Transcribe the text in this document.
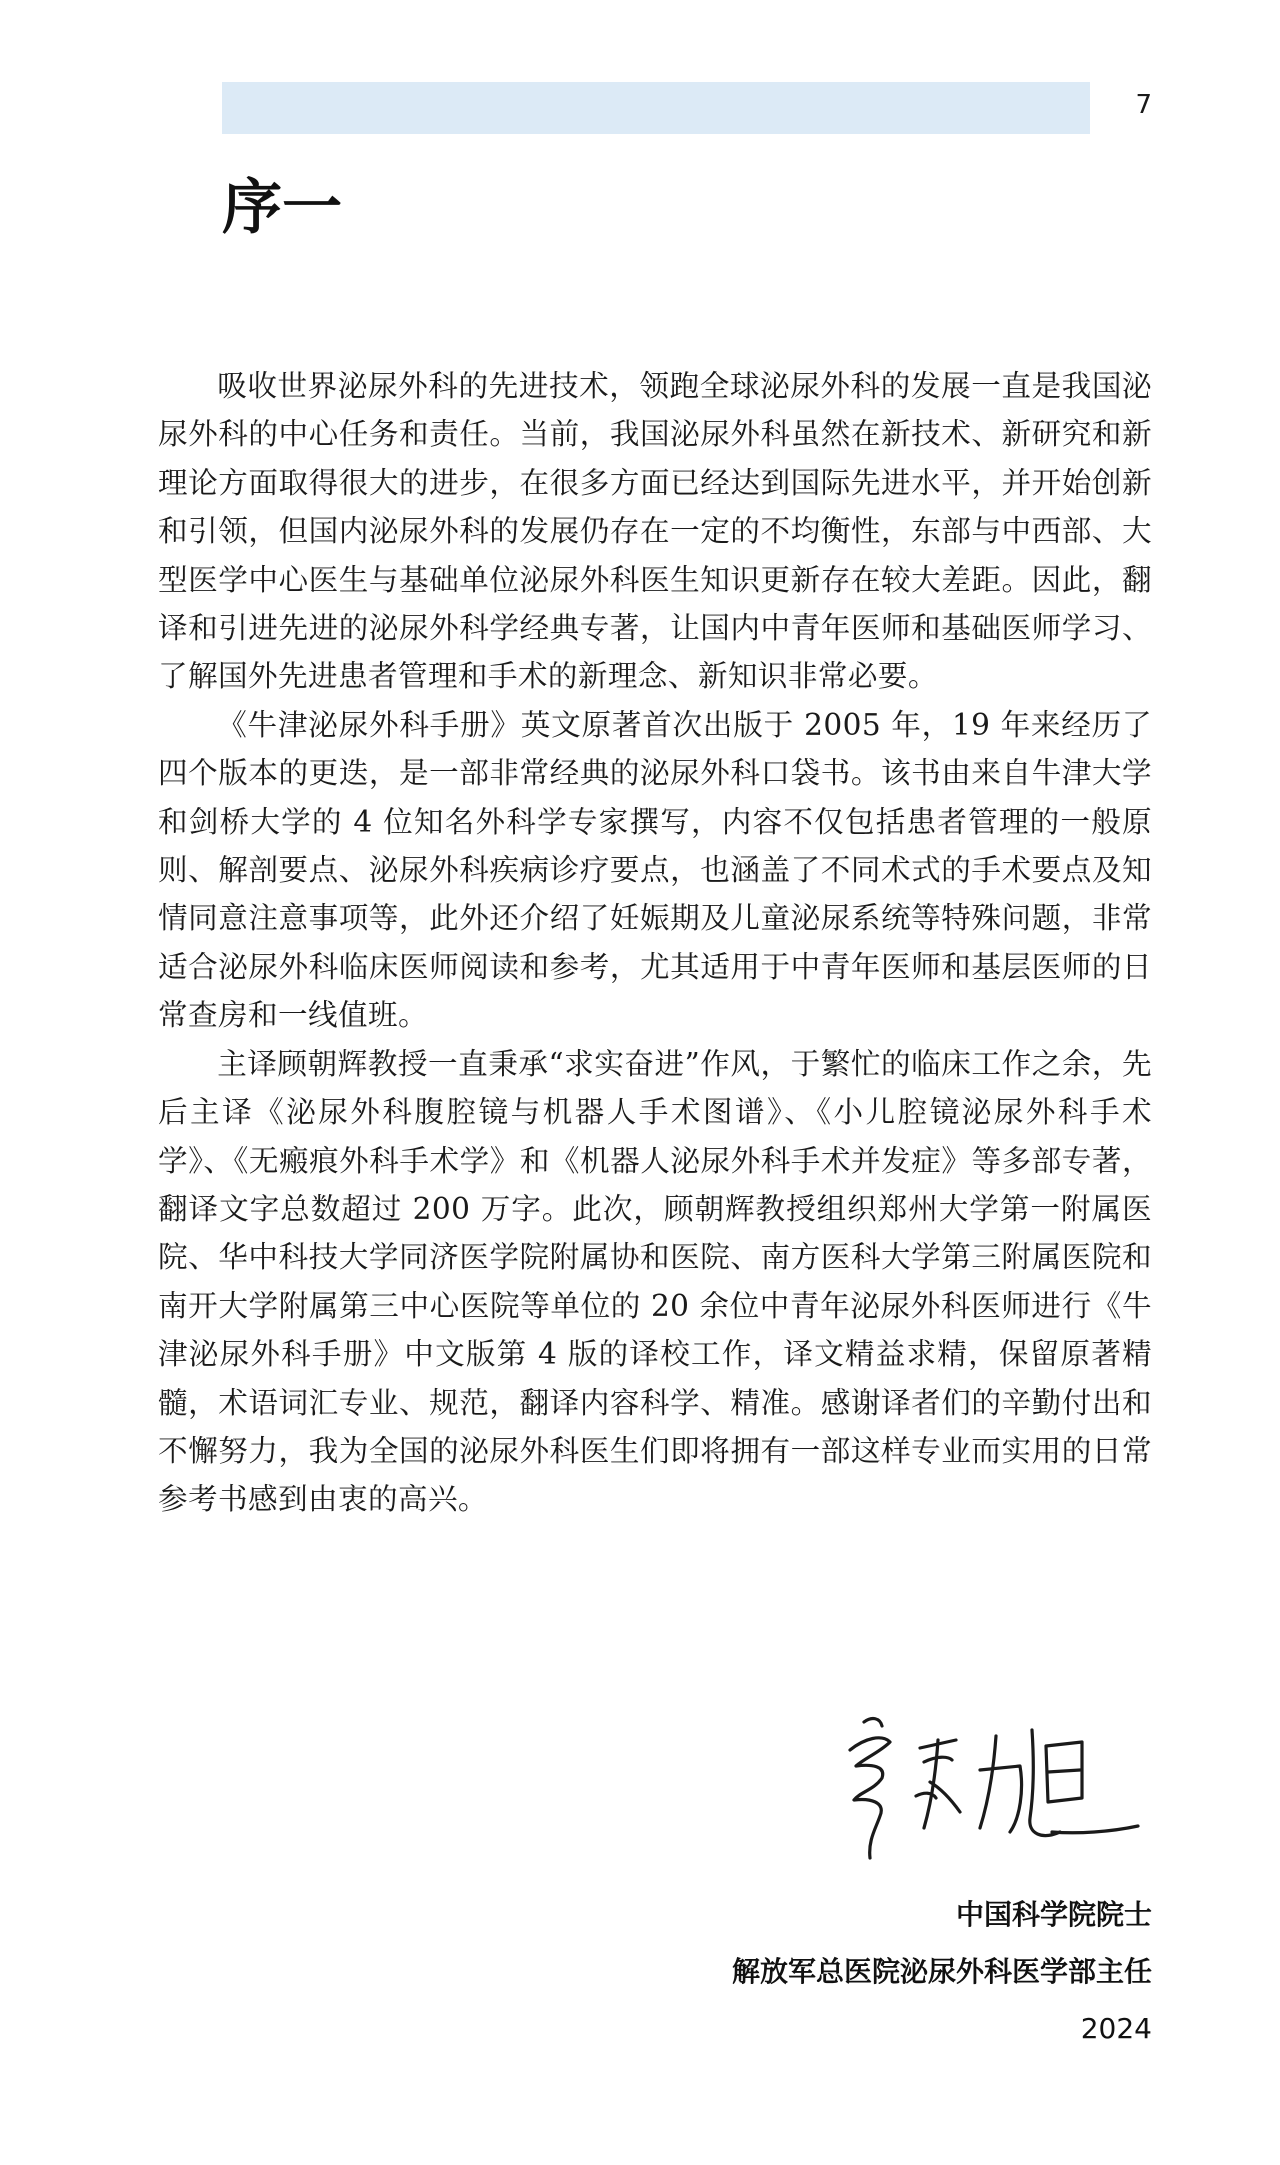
7
序一

吸收世界泌尿外科的先进技术，领跑全球泌尿外科的发展一直是我国泌尿外科的中心任务和责任。当前，我国泌尿外科虽然在新技术、新研究和新理论方面取得很大的进步，在很多方面已经达到国际先进水平，并开始创新和引领，但国内泌尿外科的发展仍存在一定的不均衡性，东部与中西部、大型医学中心医生与基础单位泌尿外科医生知识更新存在较大差距。因此，翻译和引进先进的泌尿外科学经典专著，让国内中青年医师和基础医师学习、了解国外先进患者管理和手术的新理念、新知识非常必要。

《牛津泌尿外科手册》英文原著首次出版于 2005 年，19 年来经历了四个版本的更迭，是一部非常经典的泌尿外科口袋书。该书由来自牛津大学和剑桥大学的 4 位知名外科学专家撰写，内容不仅包括患者管理的一般原则、解剖要点、泌尿外科疾病诊疗要点，也涵盖了不同术式的手术要点及知情同意注意事项等，此外还介绍了妊娠期及儿童泌尿系统等特殊问题，非常适合泌尿外科临床医师阅读和参考，尤其适用于中青年医师和基层医师的日常查房和一线值班。

主译顾朝辉教授一直秉承“求实奋进”作风，于繁忙的临床工作之余，先后主译《泌尿外科腹腔镜与机器人手术图谱》、《小儿腔镜泌尿外科手术学》、《无瘢痕外科手术学》和《机器人泌尿外科手术并发症》等多部专著，翻译文字总数超过 200 万字。此次，顾朝辉教授组织郑州大学第一附属医院、华中科技大学同济医学院附属协和医院、南方医科大学第三附属医院和南开大学附属第三中心医院等单位的 20 余位中青年泌尿外科医师进行《牛津泌尿外科手册》中文版第 4 版的译校工作，译文精益求精，保留原著精髓，术语词汇专业、规范，翻译内容科学、精准。感谢译者们的辛勤付出和不懈努力，我为全国的泌尿外科医生们即将拥有一部这样专业而实用的日常参考书感到由衷的高兴。

中国科学院院士
解放军总医院泌尿外科医学部主任
2024
